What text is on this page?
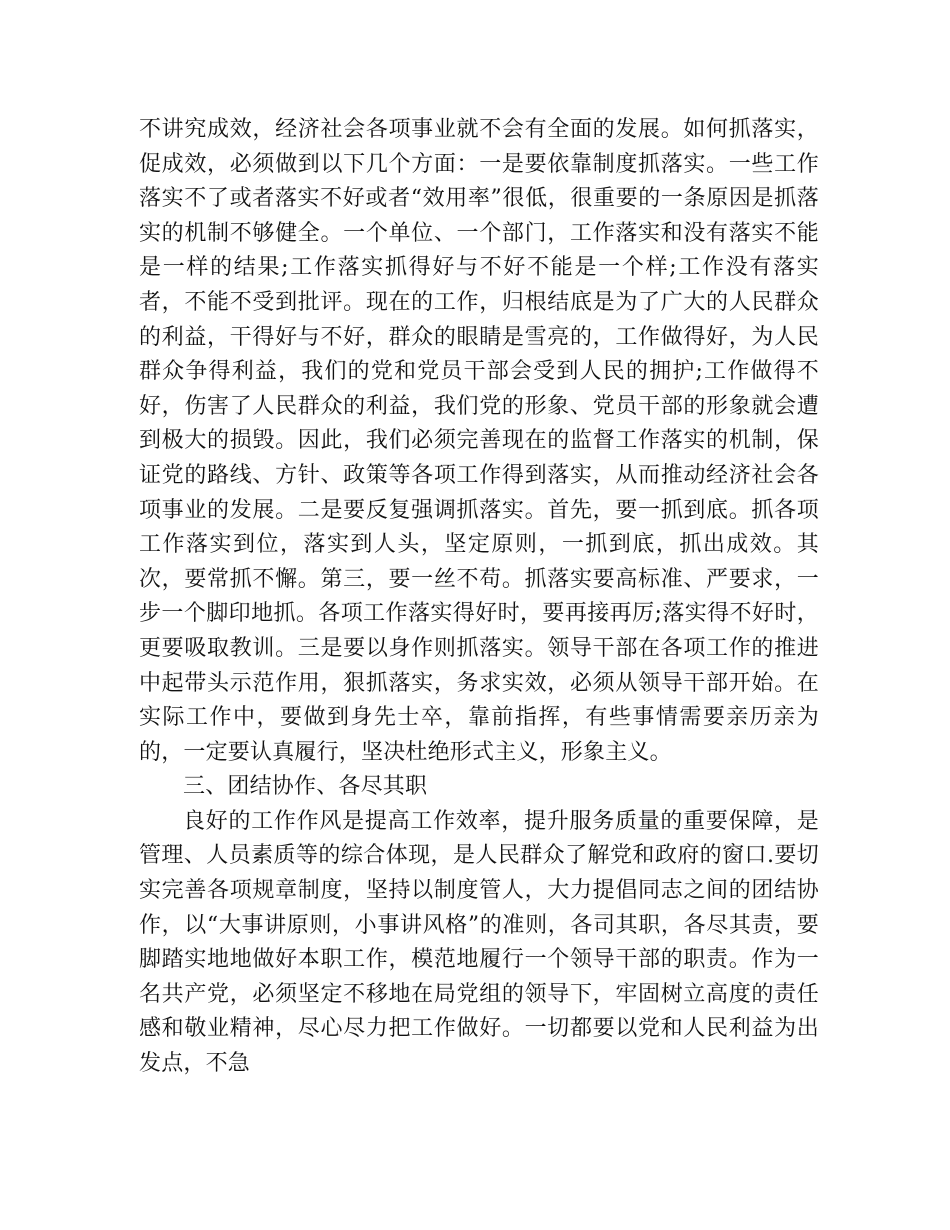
不讲究成效，经济社会各项事业就不会有全面的发展。如何抓落实，促成效，必须做到以下几个方面：一是要依靠制度抓落实。一些工作落实不了或者落实不好或者“效用率”很低，很重要的一条原因是抓落实的机制不够健全。一个单位、一个部门，工作落实和没有落实不能是一样的结果;工作落实抓得好与不好不能是一个样;工作没有落实者，不能不受到批评。现在的工作，归根结底是为了广大的人民群众的利益，干得好与不好，群众的眼睛是雪亮的，工作做得好，为人民群众争得利益，我们的党和党员干部会受到人民的拥护;工作做得不好，伤害了人民群众的利益，我们党的形象、党员干部的形象就会遭到极大的损毁。因此，我们必须完善现在的监督工作落实的机制，保证党的路线、方针、政策等各项工作得到落实，从而推动经济社会各项事业的发展。二是要反复强调抓落实。首先，要一抓到底。抓各项工作落实到位，落实到人头，坚定原则，一抓到底，抓出成效。其次，要常抓不懈。第三，要一丝不苟。抓落实要高标准、严要求，一步一个脚印地抓。各项工作落实得好时，要再接再厉;落实得不好时，更要吸取教训。三是要以身作则抓落实。领导干部在各项工作的推进中起带头示范作用，狠抓落实，务求实效，必须从领导干部开始。在实际工作中，要做到身先士卒，靠前指挥，有些事情需要亲历亲为的，一定要认真履行，坚决杜绝形式主义，形象主义。

三、团结协作、各尽其职

良好的工作作风是提高工作效率，提升服务质量的重要保障，是管理、人员素质等的综合体现，是人民群众了解党和政府的窗口.要切实完善各项规章制度，坚持以制度管人，大力提倡同志之间的团结协作，以“大事讲原则，小事讲风格”的准则，各司其职，各尽其责，要脚踏实地地做好本职工作，模范地履行一个领导干部的职责。作为一名共产党，必须坚定不移地在局党组的领导下，牢固树立高度的责任感和敬业精神，尽心尽力把工作做好。一切都要以党和人民利益为出发点，不急
